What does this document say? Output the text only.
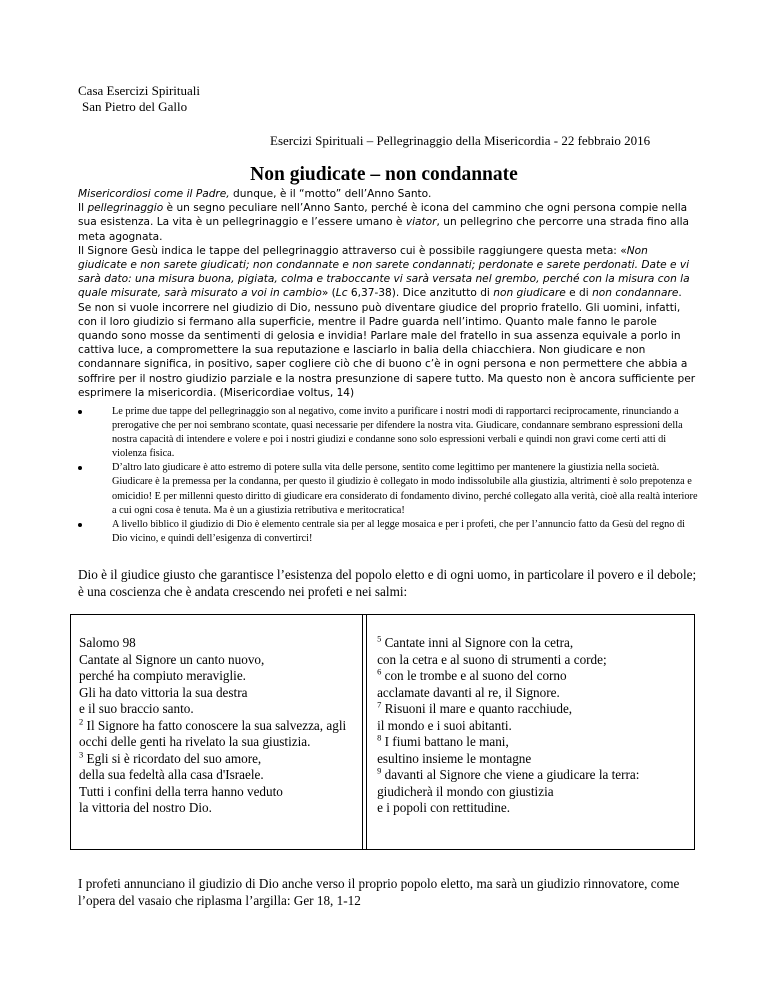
Casa Esercizi Spirituali
San Pietro del Gallo
Esercizi Spirituali – Pellegrinaggio della Misericordia - 22 febbraio 2016
Non giudicate – non condannate

Misericordiosi come il Padre, dunque, è il “motto” dell’Anno Santo.

Il pellegrinaggio è un segno peculiare nell’Anno Santo, perché è icona del cammino che ogni persona compie nella sua esistenza. La vita è un pellegrinaggio e l’essere umano è viator, un pellegrino che percorre una strada fino alla meta agognata.

Il Signore Gesù indica le tappe del pellegrinaggio attraverso cui è possibile raggiungere questa meta: «Non giudicate e non sarete giudicati; non condannate e non sarete condannati; perdonate e sarete perdonati. Date e vi sarà dato: una misura buona, pigiata, colma e traboccante vi sarà versata nel grembo, perché con la misura con la quale misurate, sarà misurato a voi in cambio» (Lc 6,37-38). Dice anzitutto di non giudicare e di non condannare. Se non si vuole incorrere nel giudizio di Dio, nessuno può diventare giudice del proprio fratello. Gli uomini, infatti, con il loro giudizio si fermano alla superficie, mentre il Padre guarda nell’intimo. Quanto male fanno le parole quando sono mosse da sentimenti di gelosia e invidia! Parlare male del fratello in sua assenza equivale a porlo in cattiva luce, a compromettere la sua reputazione e lasciarlo in balia della chiacchiera. Non giudicare e non condannare significa, in positivo, saper cogliere ciò che di buono c’è in ogni persona e non permettere che abbia a soffrire per il nostro giudizio parziale e la nostra presunzione di sapere tutto. Ma questo non è ancora sufficiente per esprimere la misericordia. (Misericordiae voltus, 14)

Le prime due tappe del pellegrinaggio son al negativo, come invito a purificare i nostri modi di rapportarci reciprocamente, rinunciando a prerogative che per noi sembrano scontate, quasi necessarie per difendere la nostra vita. Giudicare, condannare sembrano espressioni della nostra capacità di intendere e volere e poi i nostri giudizi e condanne sono solo espressioni verbali e quindi non gravi come certi atti di violenza fisica.
D’altro lato giudicare è atto estremo di potere sulla vita delle persone, sentito come legittimo per mantenere la giustizia nella società. Giudicare è la premessa per la condanna, per questo il giudizio è collegato in modo indissolubile alla giustizia, altrimenti è solo prepotenza e omicidio! E per millenni questo diritto di giudicare era considerato di fondamento divino, perché collegato alla verità, cioè alla realtà interiore a cui ogni cosa è tenuta. Ma è un a giustizia retributiva e meritocratica!
A livello biblico il giudizio di Dio è elemento centrale sia per al legge mosaica e per i profeti, che per l’annuncio fatto da Gesù del regno di Dio vicino, e quindi dell’esigenza di convertirci!

Dio è il giudice giusto che garantisce l’esistenza del popolo eletto e di ogni uomo, in particolare il povero e il debole; è una coscienza che è andata crescendo nei profeti e nei salmi:

Salomo 98
Cantate al Signore un canto nuovo,
perché ha compiuto meraviglie.
Gli ha dato vittoria la sua destra
e il suo braccio santo.
$^2$ Il Signore ha fatto conoscere la sua salvezza, agli occhi delle genti ha rivelato la sua giustizia.
$^3$ Egli si è ricordato del suo amore,
della sua fedeltà alla casa d'Israele.
Tutti i confini della terra hanno veduto
la vittoria del nostro Dio.
$^5$ Cantate inni al Signore con la cetra,
con la cetra e al suono di strumenti a corde;
$^6$ con le trombe e al suono del corno
acclamate davanti al re, il Signore.
$^7$ Risuoni il mare e quanto racchiude,
il mondo e i suoi abitanti.
$^8$ I fiumi battano le mani,
esultino insieme le montagne
$^9$ davanti al Signore che viene a giudicare la terra:
giudicherà il mondo con giustizia
e i popoli con rettitudine.

I profeti annunciano il giudizio di Dio anche verso il proprio popolo eletto, ma sarà un giudizio rinnovatore, come l’opera del vasaio che riplasma l’argilla: Ger 18, 1-12
